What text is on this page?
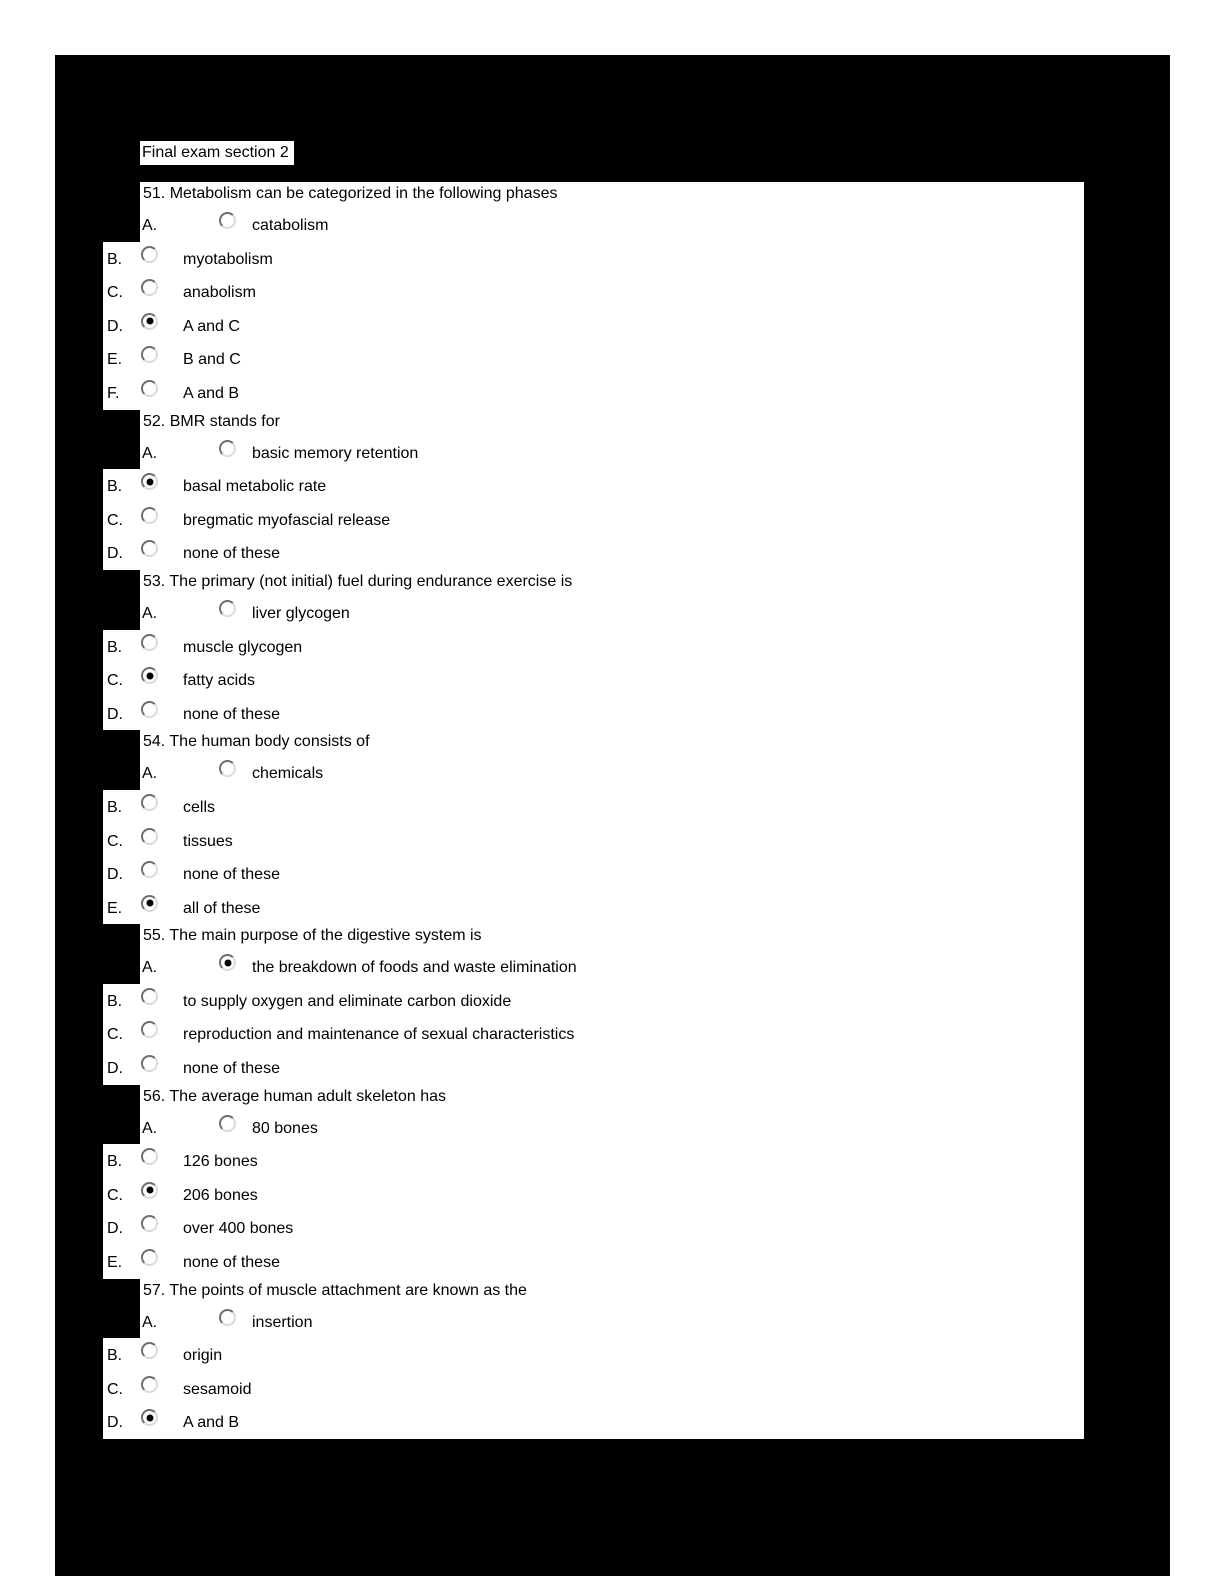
Final exam section 2
51. Metabolism can be categorized in the following phases
A.	catabolism
B.	myotabolism
C.	anabolism
D.	A and C
E.	B and C
F.	A and B
52. BMR stands for
A.	basic memory retention
B.	basal metabolic rate
C.	bregmatic myofascial release
D.	none of these
53. The primary (not initial) fuel during endurance exercise is
A.	liver glycogen
B.	muscle glycogen
C.	fatty acids
D.	none of these
54. The human body consists of
A.	chemicals
B.	cells
C.	tissues
D.	none of these
E.	all of these
55. The main purpose of the digestive system is
A.	the breakdown of foods and waste elimination
B.	to supply oxygen and eliminate carbon dioxide
C.	reproduction and maintenance of sexual characteristics
D.	none of these
56. The average human adult skeleton has
A.	80 bones
B.	126 bones
C.	206 bones
D.	over 400 bones
E.	none of these
57. The points of muscle attachment are known as the
A.	insertion
B.	origin
C.	sesamoid
D.	A and B
